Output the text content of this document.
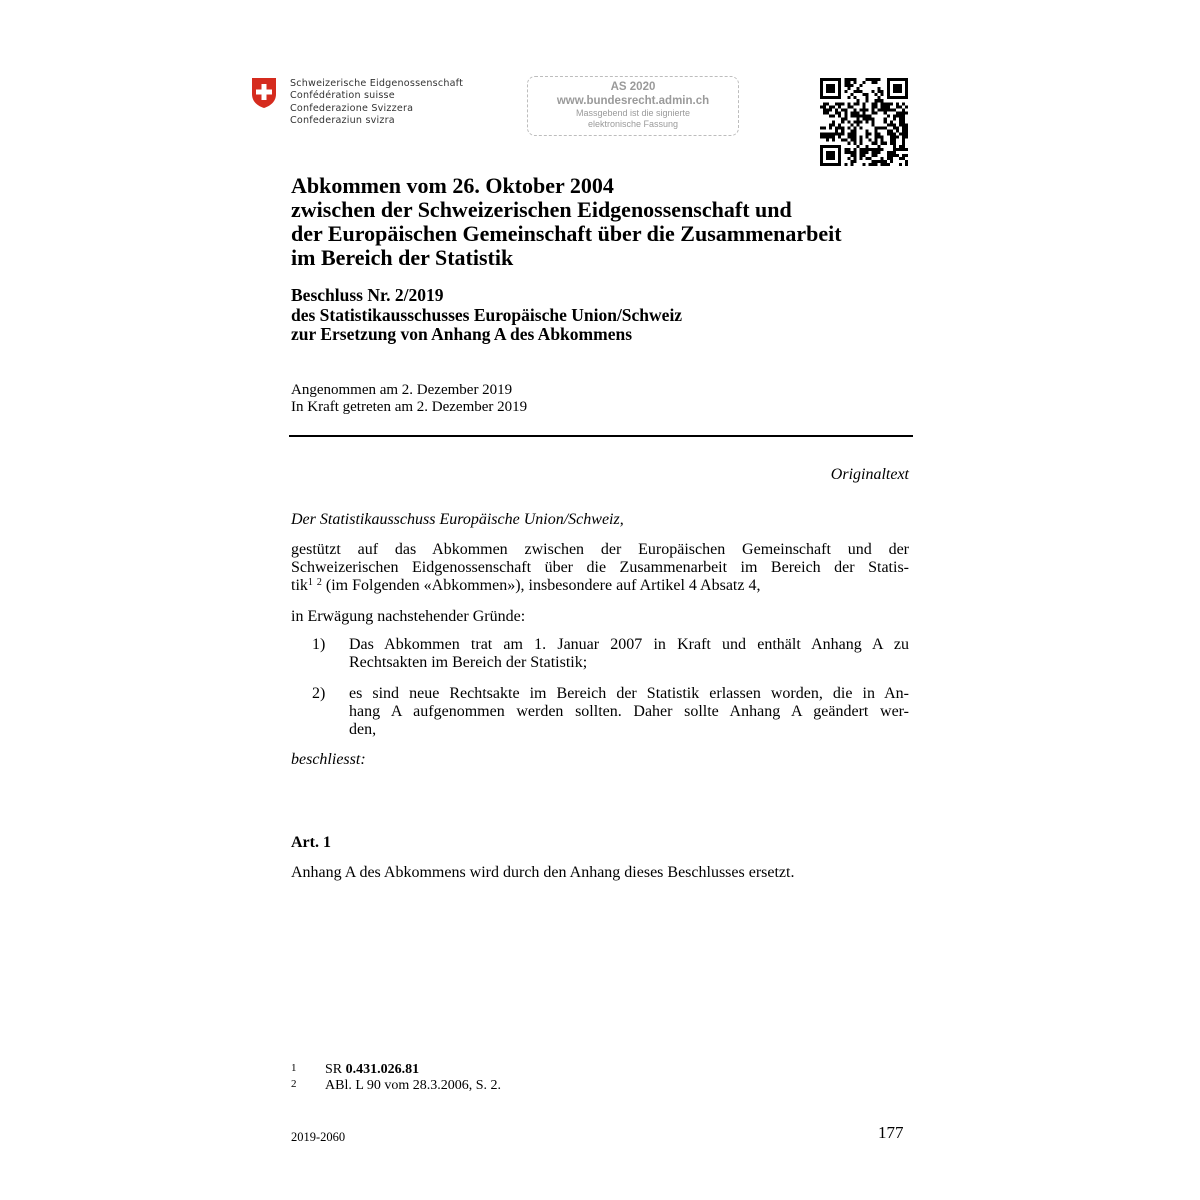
Schweizerische Eidgenossenschaft
Confédération suisse
Confederazione Svizzera
Confederaziun svizra
AS 2020
www.bundesrecht.admin.ch
Massgebend ist die signierte
elektronische Fassung
Abkommen vom 26. Oktober 2004
zwischen der Schweizerischen Eidgenossenschaft und
der Europäischen Gemeinschaft über die Zusammenarbeit
im Bereich der Statistik
Beschluss Nr. 2/2019
des Statistikausschusses Europäische Union/Schweiz
zur Ersetzung von Anhang A des Abkommens
Angenommen am 2. Dezember 2019
In Kraft getreten am 2. Dezember 2019
Originaltext
Der Statistikausschuss Europäische Union/Schweiz,
gestützt auf das Abkommen zwischen der Europäischen Gemeinschaft und der
Schweizerischen Eidgenossenschaft über die Zusammenarbeit im Bereich der Statis-
tik$^1$ $^2$ (im Folgenden «Abkommen»), insbesondere auf Artikel 4 Absatz 4,
in Erwägung nachstehender Gründe:
1) Das Abkommen trat am 1. Januar 2007 in Kraft und enthält Anhang A zu
Rechtsakten im Bereich der Statistik;
2) es sind neue Rechtsakte im Bereich der Statistik erlassen worden, die in An-
hang A aufgenommen werden sollten. Daher sollte Anhang A geändert wer-
den,
beschliesst:
Art. 1
Anhang A des Abkommens wird durch den Anhang dieses Beschlusses ersetzt.
1 SR 0.431.026.81
2 ABl. L 90 vom 28.3.2006, S. 2.
2019-2060	177
